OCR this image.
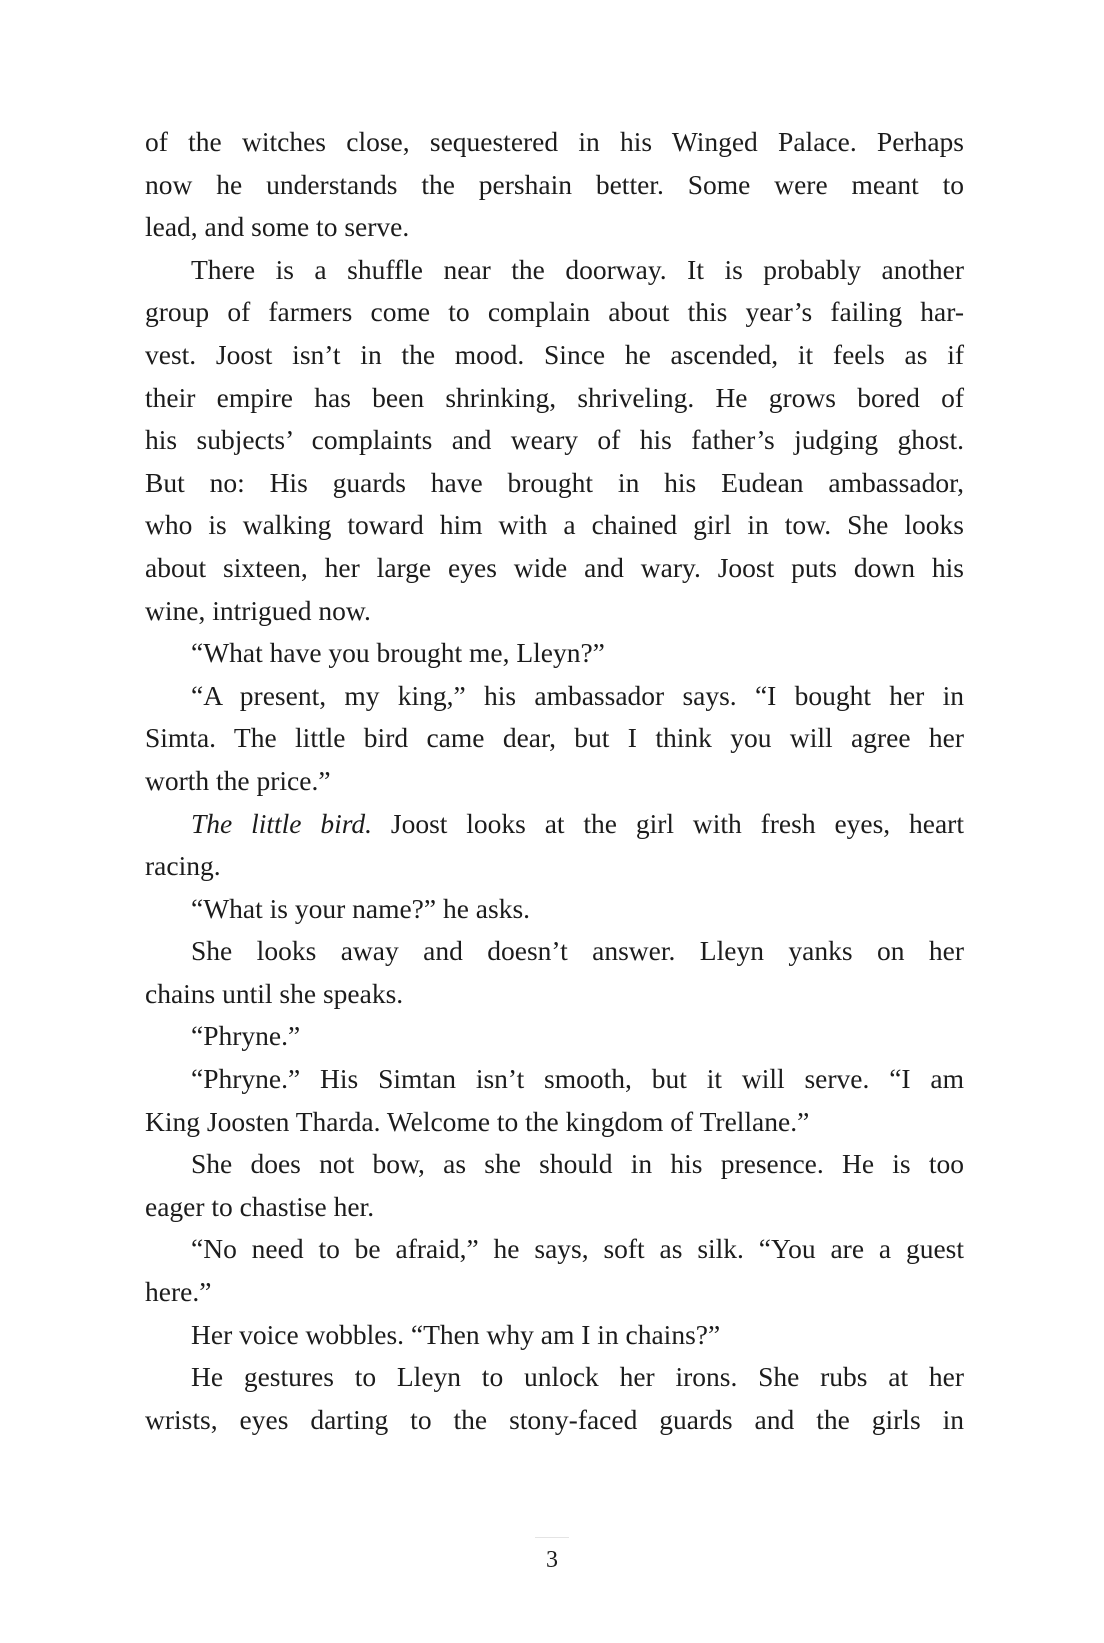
of the witches close, sequestered in his Winged Palace. Perhaps
now he understands the pershain better. Some were meant to
lead, and some to serve.
There is a shuffle near the doorway. It is probably another
group of farmers come to complain about this year’s failing har-
vest. Joost isn’t in the mood. Since he ascended, it feels as if
their empire has been shrinking, shriveling. He grows bored of
his subjects’ complaints and weary of his father’s judging ghost.
But no: His guards have brought in his Eudean ambassador,
who is walking toward him with a chained girl in tow. She looks
about sixteen, her large eyes wide and wary. Joost puts down his
wine, intrigued now.
“What have you brought me, Lleyn?”
“A present, my king,” his ambassador says. “I bought her in
Simta. The little bird came dear, but I think you will agree her
worth the price.”
The little bird. Joost looks at the girl with fresh eyes, heart
racing.
“What is your name?” he asks.
She looks away and doesn’t answer. Lleyn yanks on her
chains until she speaks.
“Phryne.”
“Phryne.” His Simtan isn’t smooth, but it will serve. “I am
King Joosten Tharda. Welcome to the kingdom of Trellane.”
She does not bow, as she should in his presence. He is too
eager to chastise her.
“No need to be afraid,” he says, soft as silk. “You are a guest
here.”
Her voice wobbles. “Then why am I in chains?”
He gestures to Lleyn to unlock her irons. She rubs at her
wrists, eyes darting to the stony-faced guards and the girls in
3
